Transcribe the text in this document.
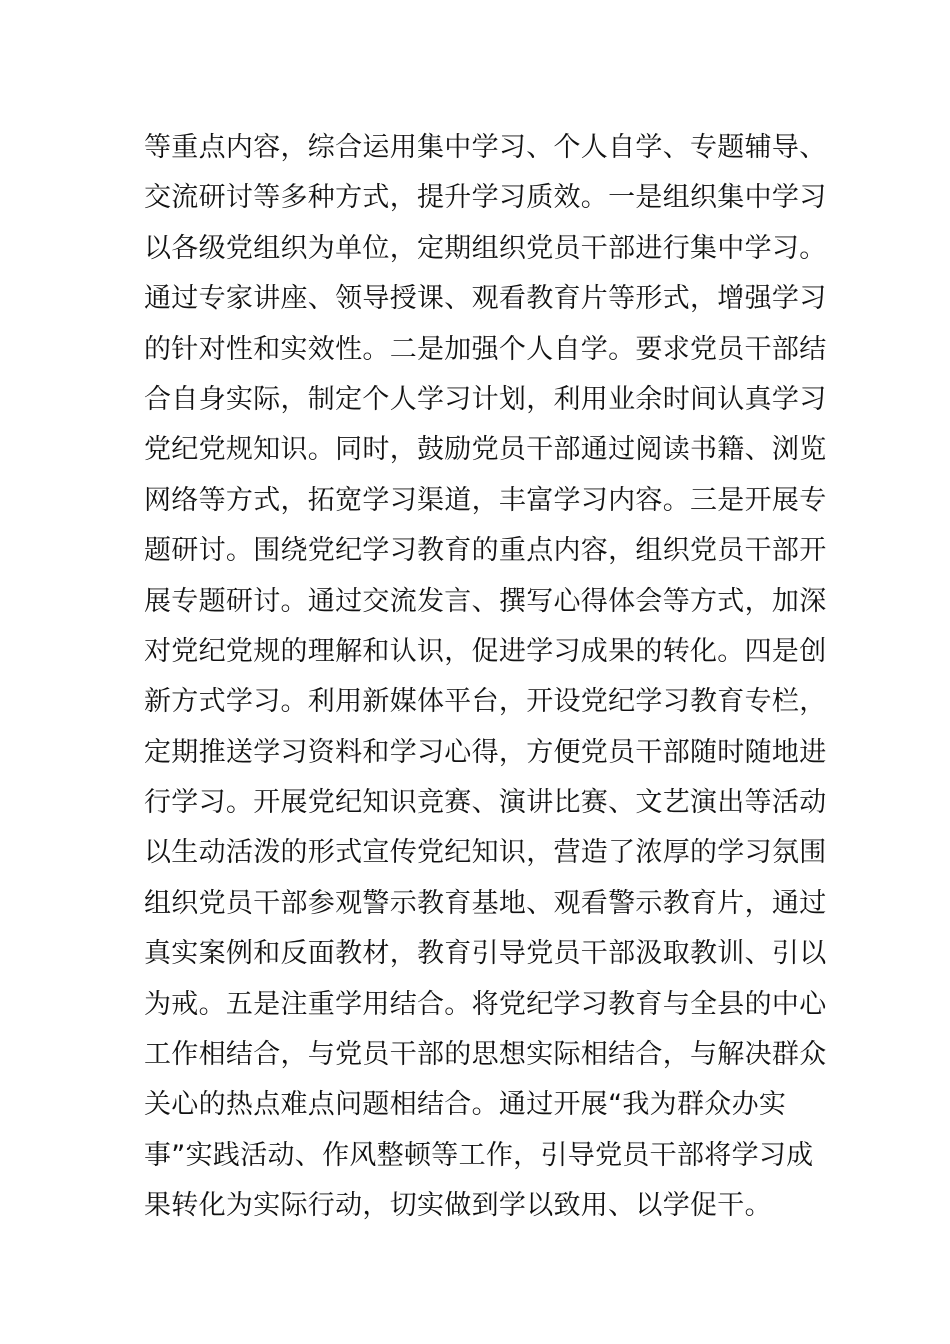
等重点内容，综合运用集中学习、个人自学、专题辅导、
交流研讨等多种方式，提升学习质效。一是组织集中学习
以各级党组织为单位，定期组织党员干部进行集中学习。
通过专家讲座、领导授课、观看教育片等形式，增强学习
的针对性和实效性。二是加强个人自学。要求党员干部结
合自身实际，制定个人学习计划，利用业余时间认真学习
党纪党规知识。同时，鼓励党员干部通过阅读书籍、浏览
网络等方式，拓宽学习渠道，丰富学习内容。三是开展专
题研讨。围绕党纪学习教育的重点内容，组织党员干部开
展专题研讨。通过交流发言、撰写心得体会等方式，加深
对党纪党规的理解和认识，促进学习成果的转化。四是创
新方式学习。利用新媒体平台，开设党纪学习教育专栏，
定期推送学习资料和学习心得，方便党员干部随时随地进
行学习。开展党纪知识竞赛、演讲比赛、文艺演出等活动
以生动活泼的形式宣传党纪知识，营造了浓厚的学习氛围
组织党员干部参观警示教育基地、观看警示教育片，通过
真实案例和反面教材，教育引导党员干部汲取教训、引以
为戒。五是注重学用结合。将党纪学习教育与全县的中心
工作相结合，与党员干部的思想实际相结合，与解决群众
关心的热点难点问题相结合。通过开展“我为群众办实
事”实践活动、作风整顿等工作，引导党员干部将学习成
果转化为实际行动，切实做到学以致用、以学促干。
